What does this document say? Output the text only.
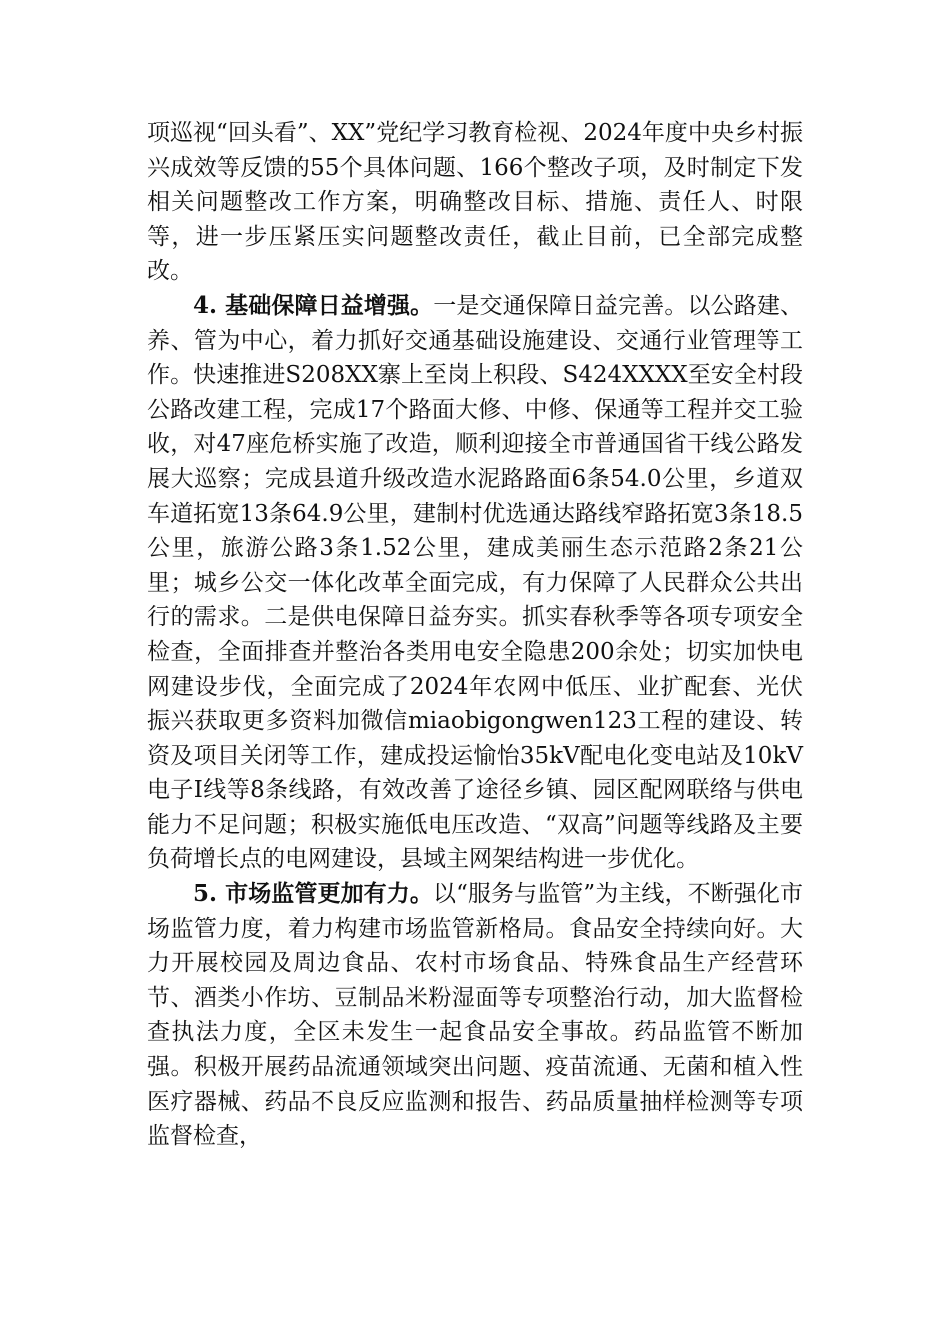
项巡视“回头看”、XX”党纪学习教育检视、2024年度中央乡村振兴成效等反馈的55个具体问题、166个整改子项，及时制定下发相关问题整改工作方案，明确整改目标、措施、责任人、时限等，进一步压紧压实问题整改责任，截止目前，已全部完成整改。

4. 基础保障日益增强。一是交通保障日益完善。以公路建、养、管为中心，着力抓好交通基础设施建设、交通行业管理等工作。快速推进S208XX寨上至岗上积段、S424XXXX至安全村段公路改建工程，完成17个路面大修、中修、保通等工程并交工验收，对47座危桥实施了改造，顺利迎接全市普通国省干线公路发展大巡察；完成县道升级改造水泥路路面6条54.0公里，乡道双车道拓宽13条64.9公里，建制村优选通达路线窄路拓宽3条18.5公里，旅游公路3条1.52公里，建成美丽生态示范路2条21公里；城乡公交一体化改革全面完成，有力保障了人民群众公共出行的需求。二是供电保障日益夯实。抓实春秋季等各项专项安全检查，全面排查并整治各类用电安全隐患200余处；切实加快电网建设步伐，全面完成了2024年农网中低压、业扩配套、光伏振兴获取更多资料加微信miaobigongwen123工程的建设、转资及项目关闭等工作，建成投运愉怡35kV配电化变电站及10kV电子Ⅰ线等8条线路，有效改善了途径乡镇、园区配网联络与供电能力不足问题；积极实施低电压改造、“双高”问题等线路及主要负荷增长点的电网建设，县域主网架结构进一步优化。

5. 市场监管更加有力。以“服务与监管”为主线，不断强化市场监管力度，着力构建市场监管新格局。食品安全持续向好。大力开展校园及周边食品、农村市场食品、特殊食品生产经营环节、酒类小作坊、豆制品米粉湿面等专项整治行动，加大监督检查执法力度，全区未发生一起食品安全事故。药品监管不断加强。积极开展药品流通领域突出问题、疫苗流通、无菌和植入性医疗器械、药品不良反应监测和报告、药品质量抽样检测等专项监督检查，
